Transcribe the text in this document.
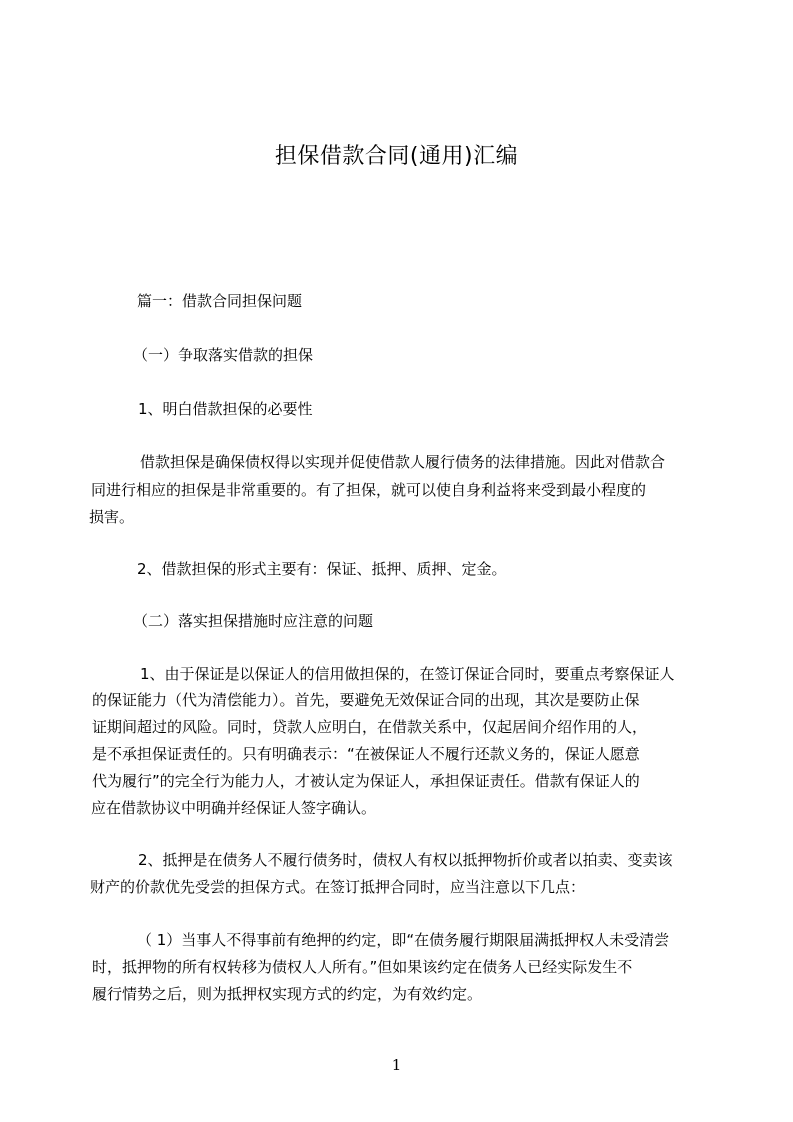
担保借款合同(通用)汇编
篇一：借款合同担保问题
（一）争取落实借款的担保
1、明白借款担保的必要性
借款担保是确保债权得以实现并促使借款人履行债务的法律措施。因此对借款合
同进行相应的担保是非常重要的。有了担保，就可以使自身利益将来受到最小程度的
损害。
2、借款担保的形式主要有：保证、抵押、质押、定金。
（二）落实担保措施时应注意的问题
1、由于保证是以保证人的信用做担保的，在签订保证合同时，要重点考察保证人
的保证能力（代为清偿能力）。首先，要避免无效保证合同的出现，其次是要防止保
证期间超过的风险。同时，贷款人应明白，在借款关系中，仅起居间介绍作用的人，
是不承担保证责任的。只有明确表示：“在被保证人不履行还款义务的，保证人愿意
代为履行”的完全行为能力人，才被认定为保证人，承担保证责任。借款有保证人的
应在借款协议中明确并经保证人签字确认。
2、抵押是在债务人不履行债务时，债权人有权以抵押物折价或者以拍卖、变卖该
财产的价款优先受尝的担保方式。在签订抵押合同时，应当注意以下几点：
（ 1）当事人不得事前有绝押的约定，即“在债务履行期限届满抵押权人未受清尝
时，抵押物的所有权转移为债权人人所有。”但如果该约定在债务人已经实际发生不
履行情势之后，则为抵押权实现方式的约定，为有效约定。
1
